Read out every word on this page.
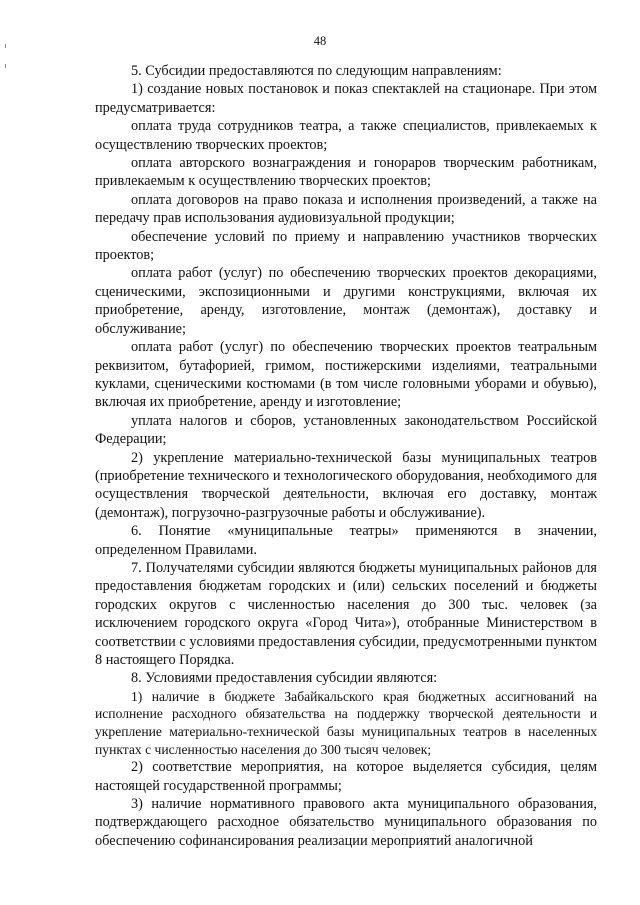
48

5. Субсидии предоставляются по следующим направлениям:

1) создание новых постановок и показ спектаклей на стационаре. При этом предусматривается:

оплата труда сотрудников театра, а также специалистов, привлекаемых к осуществлению творческих проектов;

оплата авторского вознаграждения и гонораров творческим работникам, привлекаемым к осуществлению творческих проектов;

оплата договоров на право показа и исполнения произведений, а также на передачу прав использования аудиовизуальной продукции;

обеспечение условий по приему и направлению участников творческих проектов;

оплата работ (услуг) по обеспечению творческих проектов декорациями, сценическими, экспозиционными и другими конструкциями, включая их приобретение, аренду, изготовление, монтаж (демонтаж), доставку и обслуживание;

оплата работ (услуг) по обеспечению творческих проектов театральным реквизитом, бутафорией, гримом, постижерскими изделиями, театральными куклами, сценическими костюмами (в том числе головными уборами и обувью), включая их приобретение, аренду и изготовление;

уплата налогов и сборов, установленных законодательством Российской Федерации;

2) укрепление материально-технической базы муниципальных театров (приобретение технического и технологического оборудования, необходимого для осуществления творческой деятельности, включая его доставку, монтаж (демонтаж), погрузочно-разгрузочные работы и обслуживание).

6. Понятие «муниципальные театры» применяются в значении, определенном Правилами.

7. Получателями субсидии являются бюджеты муниципальных районов для предоставления бюджетам городских и (или) сельских поселений и бюджеты городских округов с численностью населения до 300 тыс. человек (за исключением городского округа «Город Чита»), отобранные Министерством в соответствии с условиями предоставления субсидии, предусмотренными пунктом 8 настоящего Порядка.

8. Условиями предоставления субсидии являются:

1) наличие в бюджете Забайкальского края бюджетных ассигнований на исполнение расходного обязательства на поддержку творческой деятельности и укрепление материально-технической базы муниципальных театров в населенных пунктах с численностью населения до 300 тысяч человек;

2) соответствие мероприятия, на которое выделяется субсидия, целям настоящей государственной программы;

3) наличие нормативного правового акта муниципального образования, подтверждающего расходное обязательство муниципального образования по обеспечению софинансирования реализации мероприятий аналогичной
